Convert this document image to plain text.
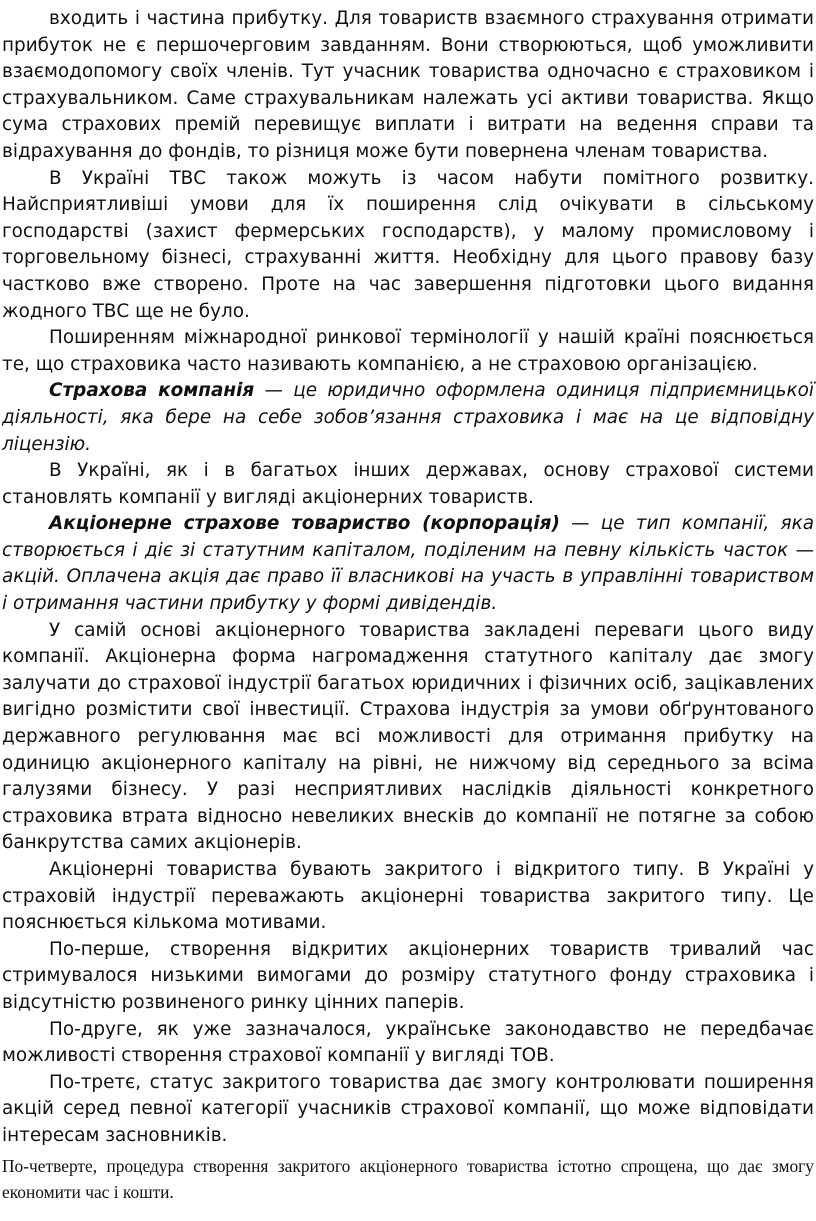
входить і частина прибутку. Для товариств взаємного страхування отримати прибуток не є першочерговим завданням. Вони створюються, щоб уможливити взаємодопомогу своїх членів. Тут учасник товариства одночасно є страховиком і страхувальником. Саме страхувальникам належать усі активи товариства. Якщо сума страхових премій перевищує виплати і витрати на ведення справи та відрахування до фондів, то різниця може бути повернена членам товариства.

В Україні ТВС також можуть із часом набути помітного розвитку. Найсприятливіші умови для їх поширення слід очікувати в сільському господарстві (захист фермерських господарств), у малому промисловому і торговельному бізнесі, страхуванні життя. Необхідну для цього правову базу частково вже створено. Проте на час завершення підготовки цього видання жодного ТВС ще не було.

Поширенням міжнародної ринкової термінології у нашій країні пояснюється те, що страховика часто називають компанією, а не страховою організацією.

Страхова компанія — це юридично оформлена одиниця підприємницької діяльності, яка бере на себе зобов’язання страховика і має на це відповідну ліцензію.

В Україні, як і в багатьох інших державах, основу страхової системи становлять компанії у вигляді акціонерних товариств.

Акціонерне страхове товариство (корпорація) — це тип компанії, яка створюється і діє зі статутним капіталом, поділеним на певну кількість часток — акцій. Оплачена акція дає право її власникові на участь в управлінні товариством і отримання частини прибутку у формі дивідендів.

У самій основі акціонерного товариства закладені переваги цього виду компанії. Акціонерна форма нагромадження статутного капіталу дає змогу залучати до страхової індустрії багатьох юридичних і фізичних осіб, зацікавлених вигідно розмістити свої інвестиції. Страхова індустрія за умови обґрунтованого державного регулювання має всі можливості для отримання прибутку на одиницю акціонерного капіталу на рівні, не нижчому від середнього за всіма галузями бізнесу. У разі несприятливих наслідків діяльності конкретного страховика втрата відносно невеликих внесків до компанії не потягне за собою банкрутства самих акціонерів.

Акціонерні товариства бувають закритого і відкритого типу. В Україні у страховій індустрії переважають акціонерні товариства закритого типу. Це пояснюється кількома мотивами.

По-перше, створення відкритих акціонерних товариств тривалий час стримувалося низькими вимогами до розміру статутного фонду страховика і відсутністю розвиненого ринку цінних паперів.

По-друге, як уже зазначалося, українське законодавство не передбачає можливості створення страхової компанії у вигляді ТОВ.

По-третє, статус закритого товариства дає змогу контролювати поширення акцій серед певної категорії учасників страхової компанії, що може відповідати інтересам засновників.

По-четверте, процедура створення закритого акціонерного товариства істотно спрощена, що дає змогу економити час і кошти.
